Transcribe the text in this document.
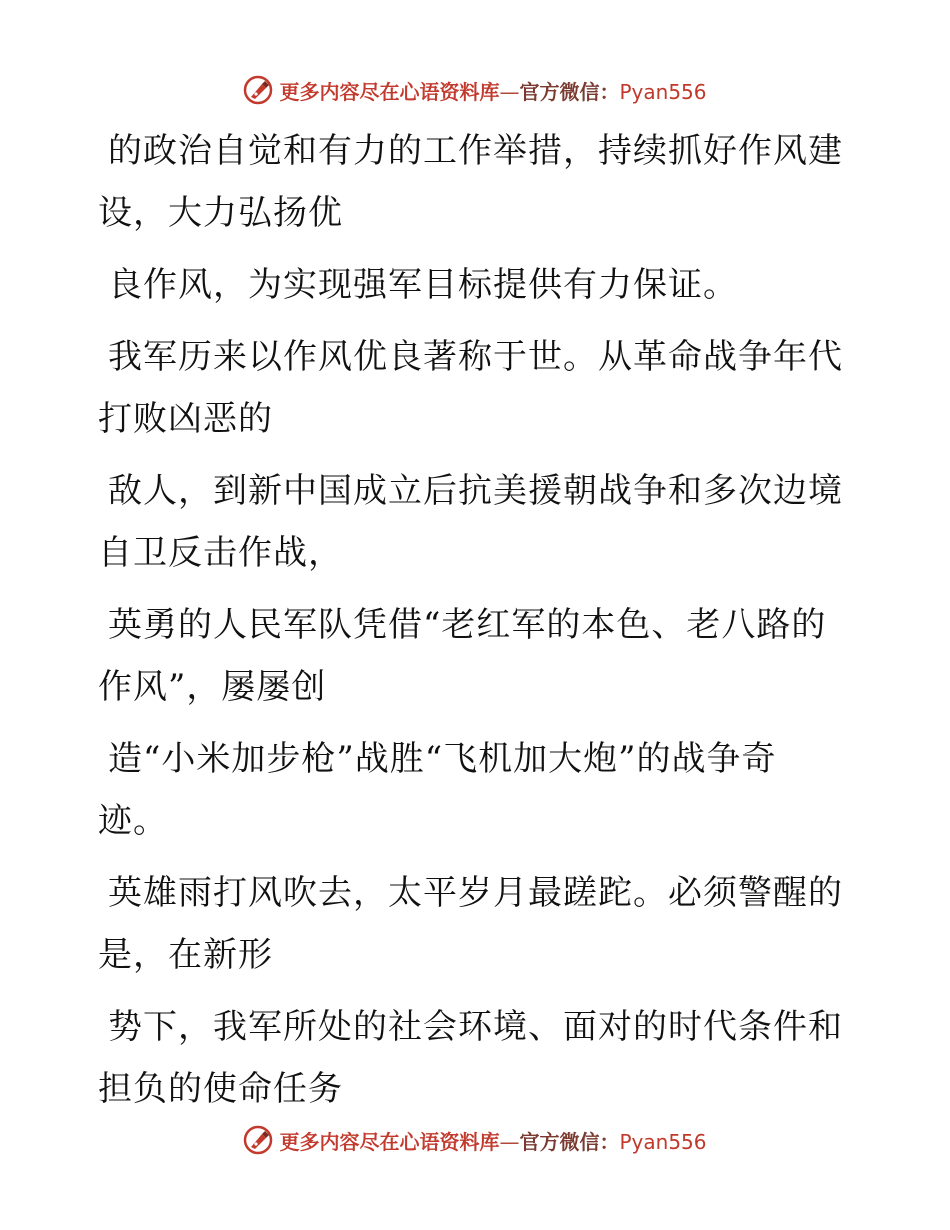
更多内容尽在心语资料库—官方微信：Pyan556
的政治自觉和有力的工作举措，持续抓好作风建
设，大力弘扬优
良作风，为实现强军目标提供有力保证。
我军历来以作风优良著称于世。从革命战争年代
打败凶恶的
敌人，到新中国成立后抗美援朝战争和多次边境
自卫反击作战，
英勇的人民军队凭借“老红军的本色、老八路的
作风”，屡屡创
造“小米加步枪”战胜“飞机加大炮”的战争奇
迹。
英雄雨打风吹去，太平岁月最蹉跎。必须警醒的
是，在新形
势下，我军所处的社会环境、面对的时代条件和
担负的使命任务
更多内容尽在心语资料库—官方微信：Pyan556
